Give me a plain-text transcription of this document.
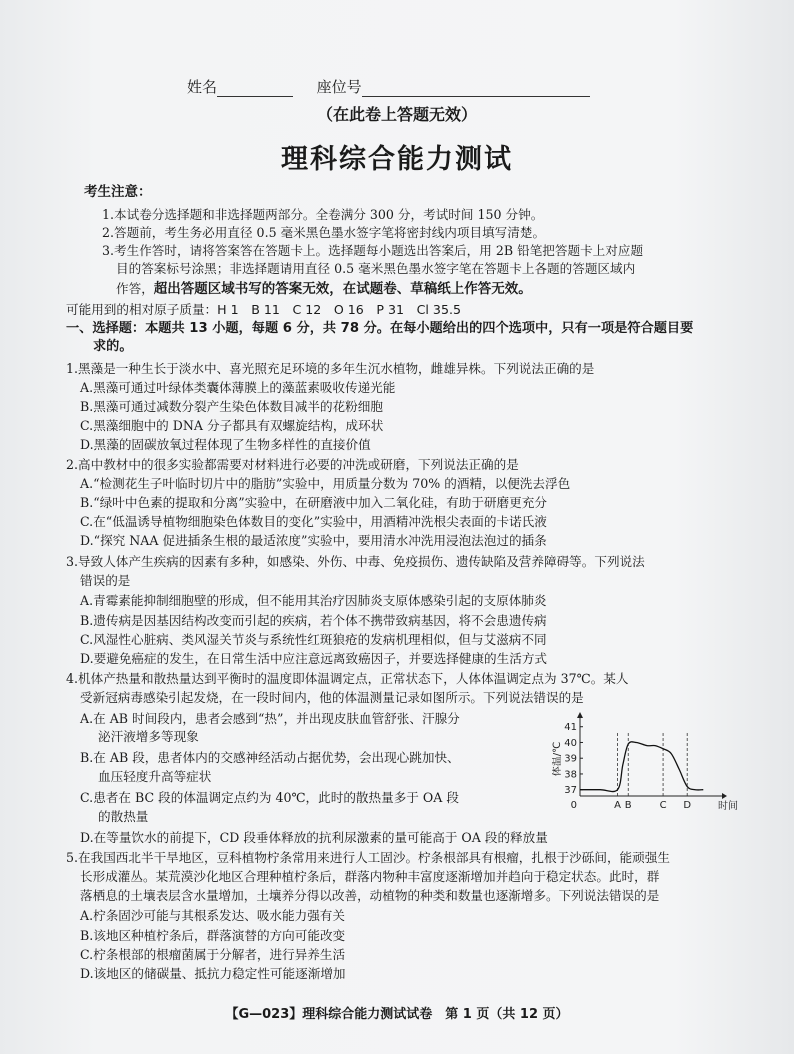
姓名	座位号
（在此卷上答题无效）
理科综合能力测试
考生注意：
1.本试卷分选择题和非选择题两部分。全卷满分 300 分，考试时间 150 分钟。
2.答题前，考生务必用直径 0.5 毫米黑色墨水签字笔将密封线内项目填写清楚。
3.考生作答时，请将答案答在答题卡上。选择题每小题选出答案后，用 2B 铅笔把答题卡上对应题
目的答案标号涂黑；非选择题请用直径 0.5 毫米黑色墨水签字笔在答题卡上各题的答题区域内
作答，超出答题区域书写的答案无效，在试题卷、草稿纸上作答无效。
可能用到的相对原子质量：H 1　B 11　C 12　O 16　P 31　Cl 35.5
一、选择题：本题共 13 小题，每题 6 分，共 78 分。在每小题给出的四个选项中，只有一项是符合题目要
求的。
1.黑藻是一种生长于淡水中、喜光照充足环境的多年生沉水植物，雌雄异株。下列说法正确的是
A.黑藻可通过叶绿体类囊体薄膜上的藻蓝素吸收传递光能
B.黑藻可通过减数分裂产生染色体数目减半的花粉细胞
C.黑藻细胞中的 DNA 分子都具有双螺旋结构，成环状
D.黑藻的固碳放氧过程体现了生物多样性的直接价值
2.高中教材中的很多实验都需要对材料进行必要的冲洗或研磨，下列说法正确的是
A.“检测花生子叶临时切片中的脂肪”实验中，用质量分数为 70% 的酒精，以便洗去浮色
B.“绿叶中色素的提取和分离”实验中，在研磨液中加入二氧化硅，有助于研磨更充分
C.在“低温诱导植物细胞染色体数目的变化”实验中，用酒精冲洗根尖表面的卡诺氏液
D.“探究 NAA 促进插条生根的最适浓度”实验中，要用清水冲洗用浸泡法泡过的插条
3.导致人体产生疾病的因素有多种，如感染、外伤、中毒、免疫损伤、遗传缺陷及营养障碍等。下列说法
错误的是
A.青霉素能抑制细胞壁的形成，但不能用其治疗因肺炎支原体感染引起的支原体肺炎
B.遗传病是因基因结构改变而引起的疾病，若个体不携带致病基因，将不会患遗传病
C.风湿性心脏病、类风湿关节炎与系统性红斑狼疮的发病机理相似，但与艾滋病不同
D.要避免癌症的发生，在日常生活中应注意远离致癌因子，并要选择健康的生活方式
4.机体产热量和散热量达到平衡时的温度即体温调定点，正常状态下，人体体温调定点为 37℃。某人
受新冠病毒感染引起发烧，在一段时间内，他的体温测量记录如图所示。下列说法错误的是
A.在 AB 时间段内，患者会感到“热”，并出现皮肤血管舒张、汗腺分
泌汗液增多等现象
B.在 AB 段，患者体内的交感神经活动占据优势，会出现心跳加快、
血压轻度升高等症状
C.患者在 BC 段的体温调定点约为 40℃，此时的散热量多于 OA 段
的散热量
D.在等量饮水的前提下，CD 段垂体释放的抗利尿激素的量可能高于 OA 段的释放量
体温/℃
37
38
39
40
41
0	A B	C D	时间
5.在我国西北半干旱地区，豆科植物柠条常用来进行人工固沙。柠条根部具有根瘤，扎根于沙砾间，能顽强生
长形成灌丛。某荒漠沙化地区合理种植柠条后，群落内物种丰富度逐渐增加并趋向于稳定状态。此时，群
落栖息的土壤表层含水量增加，土壤养分得以改善，动植物的种类和数量也逐渐增多。下列说法错误的是
A.柠条固沙可能与其根系发达、吸水能力强有关
B.该地区种植柠条后，群落演替的方向可能改变
C.柠条根部的根瘤菌属于分解者，进行异养生活
D.该地区的储碳量、抵抗力稳定性可能逐渐增加
【G—023】理科综合能力测试试卷　第 1 页（共 12 页）
